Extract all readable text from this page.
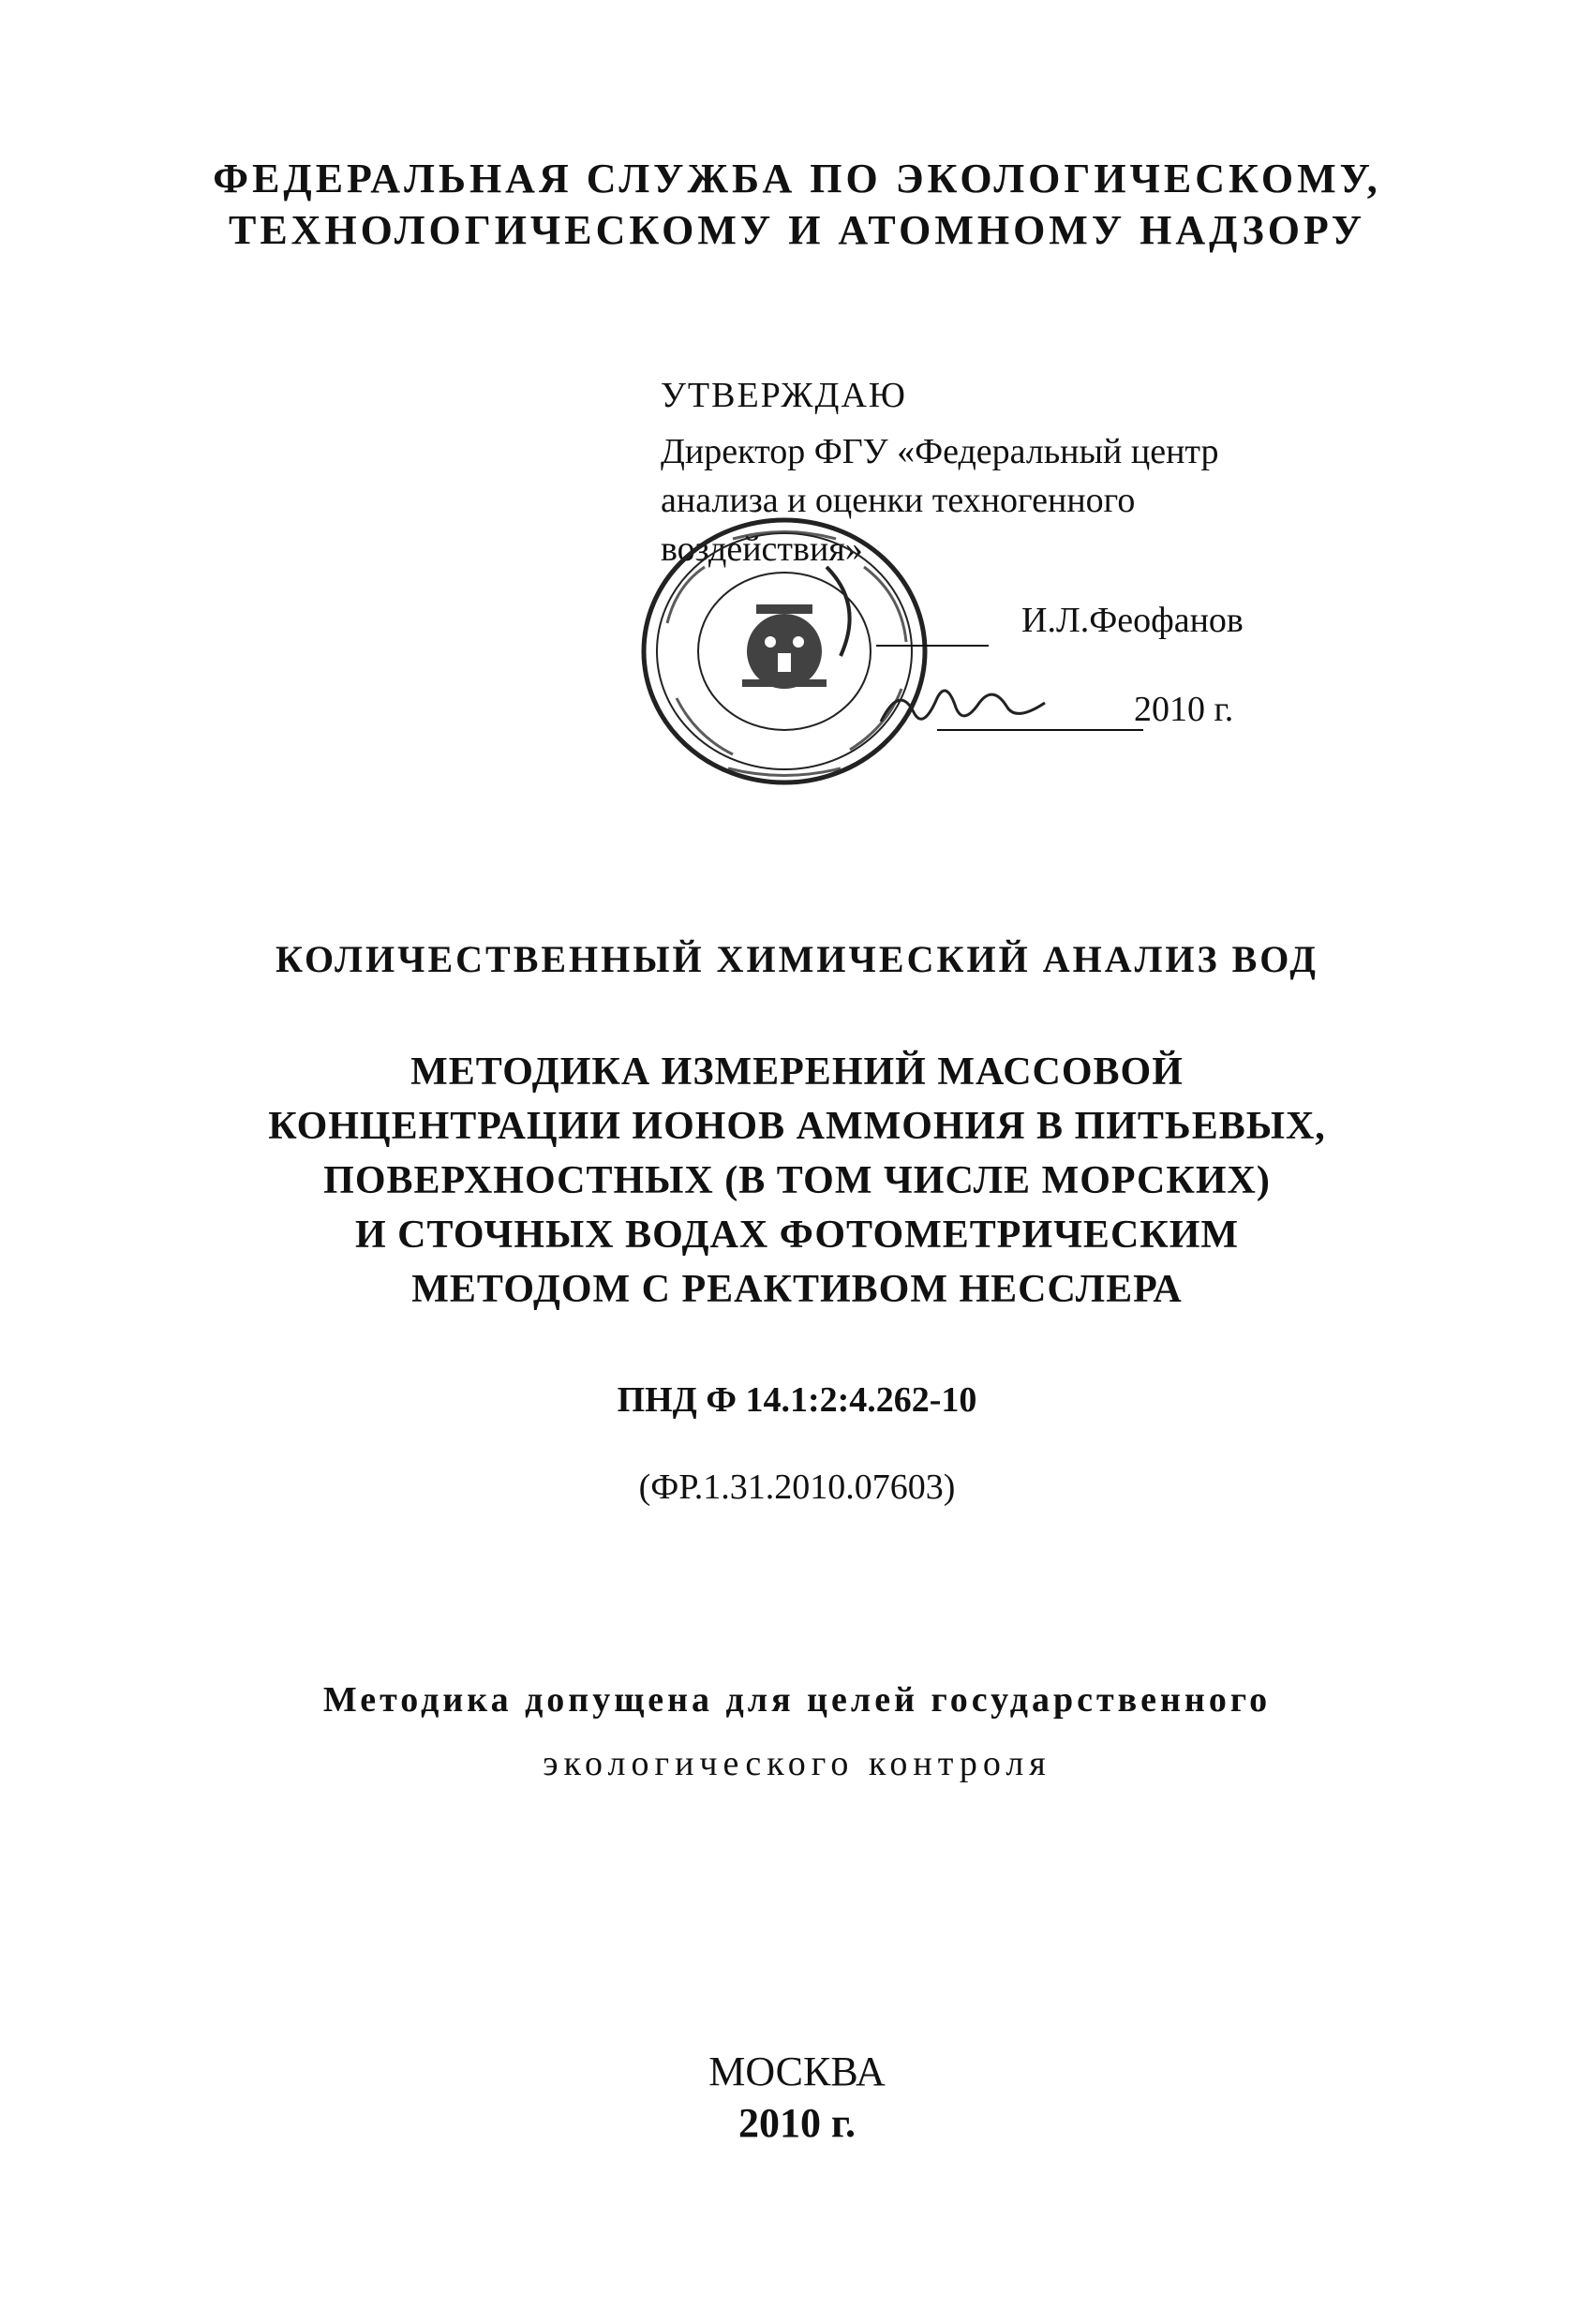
ФЕДЕРАЛЬНАЯ СЛУЖБА ПО ЭКОЛОГИЧЕСКОМУ,
ТЕХНОЛОГИЧЕСКОМУ И АТОМНОМУ НАДЗОРУ
УТВЕРЖДАЮ
Директор ФГУ «Федеральный центр
анализа и оценки техногенного
воздействия»
И.Л.Феофанов
2010 г.
КОЛИЧЕСТВЕННЫЙ ХИМИЧЕСКИЙ АНАЛИЗ ВОД
МЕТОДИКА ИЗМЕРЕНИЙ МАССОВОЙ
КОНЦЕНТРАЦИИ ИОНОВ АММОНИЯ В ПИТЬЕВЫХ,
ПОВЕРХНОСТНЫХ (В ТОМ ЧИСЛЕ МОРСКИХ)
И СТОЧНЫХ ВОДАХ ФОТОМЕТРИЧЕСКИМ
МЕТОДОМ С РЕАКТИВОМ НЕССЛЕРА
ПНД Ф 14.1:2:4.262-10
(ФР.1.31.2010.07603)
Методика допущена для целей государственного
экологического контроля
МОСКВА
2010 г.
